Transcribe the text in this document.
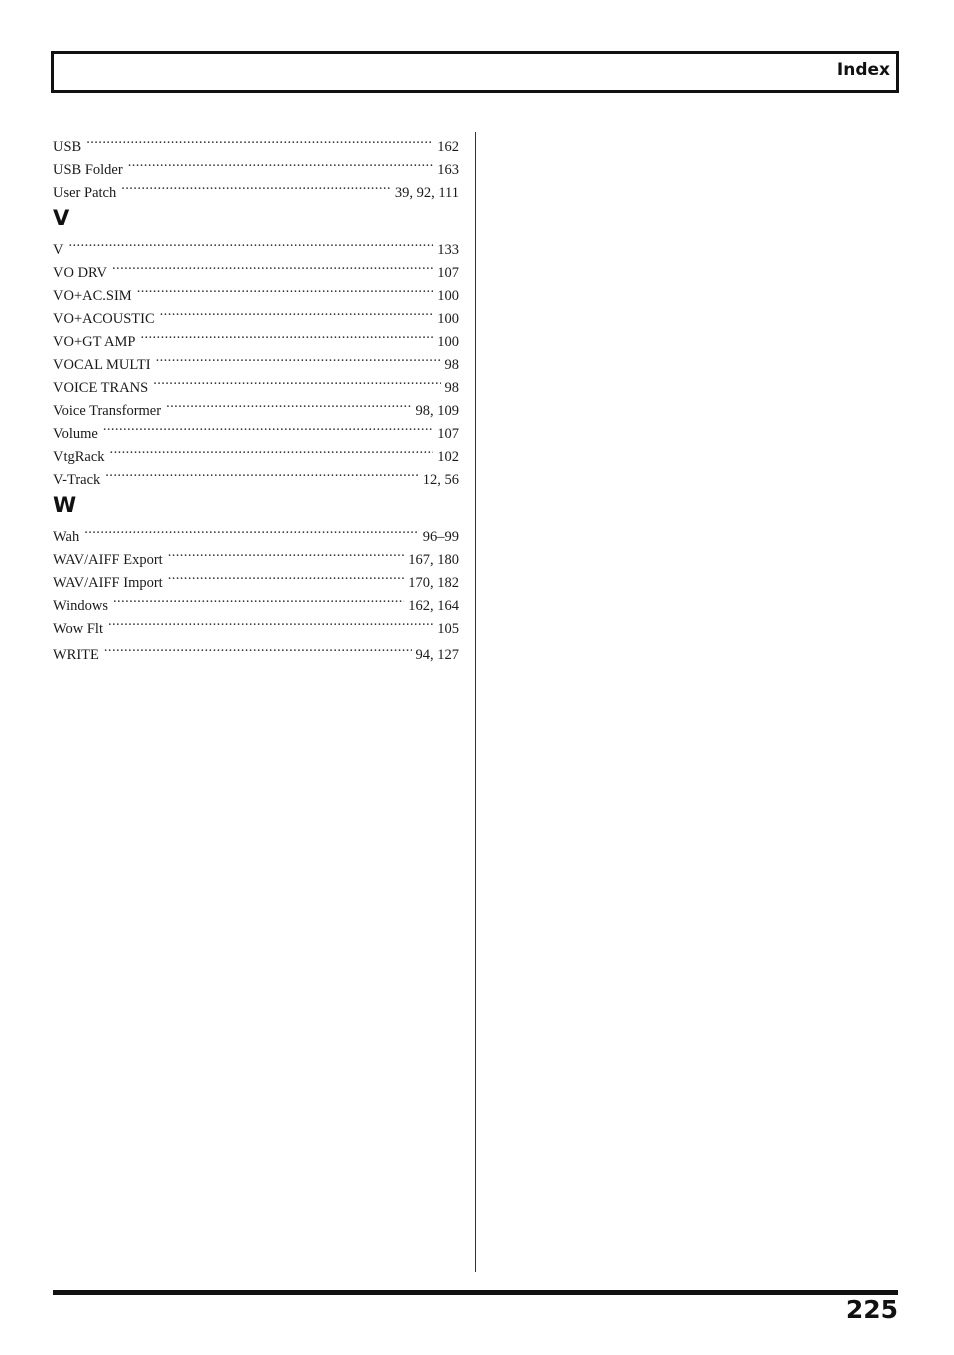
Index
USB .....	162
USB Folder .....	163
User Patch .....	39, 92, 111
V
V .....	133
VO DRV .....	107
VO+AC.SIM .....	100
VO+ACOUSTIC .....	100
VO+GT AMP .....	100
VOCAL MULTI .....	98
VOICE TRANS .....	98
Voice Transformer .....	98, 109
Volume .....	107
VtgRack .....	102
V-Track .....	12, 56
W
Wah .....	96–99
WAV/AIFF Export .....	167, 180
WAV/AIFF Import .....	170, 182
Windows .....	162, 164
Wow Flt .....	105
WRITE .....	94, 127
225
